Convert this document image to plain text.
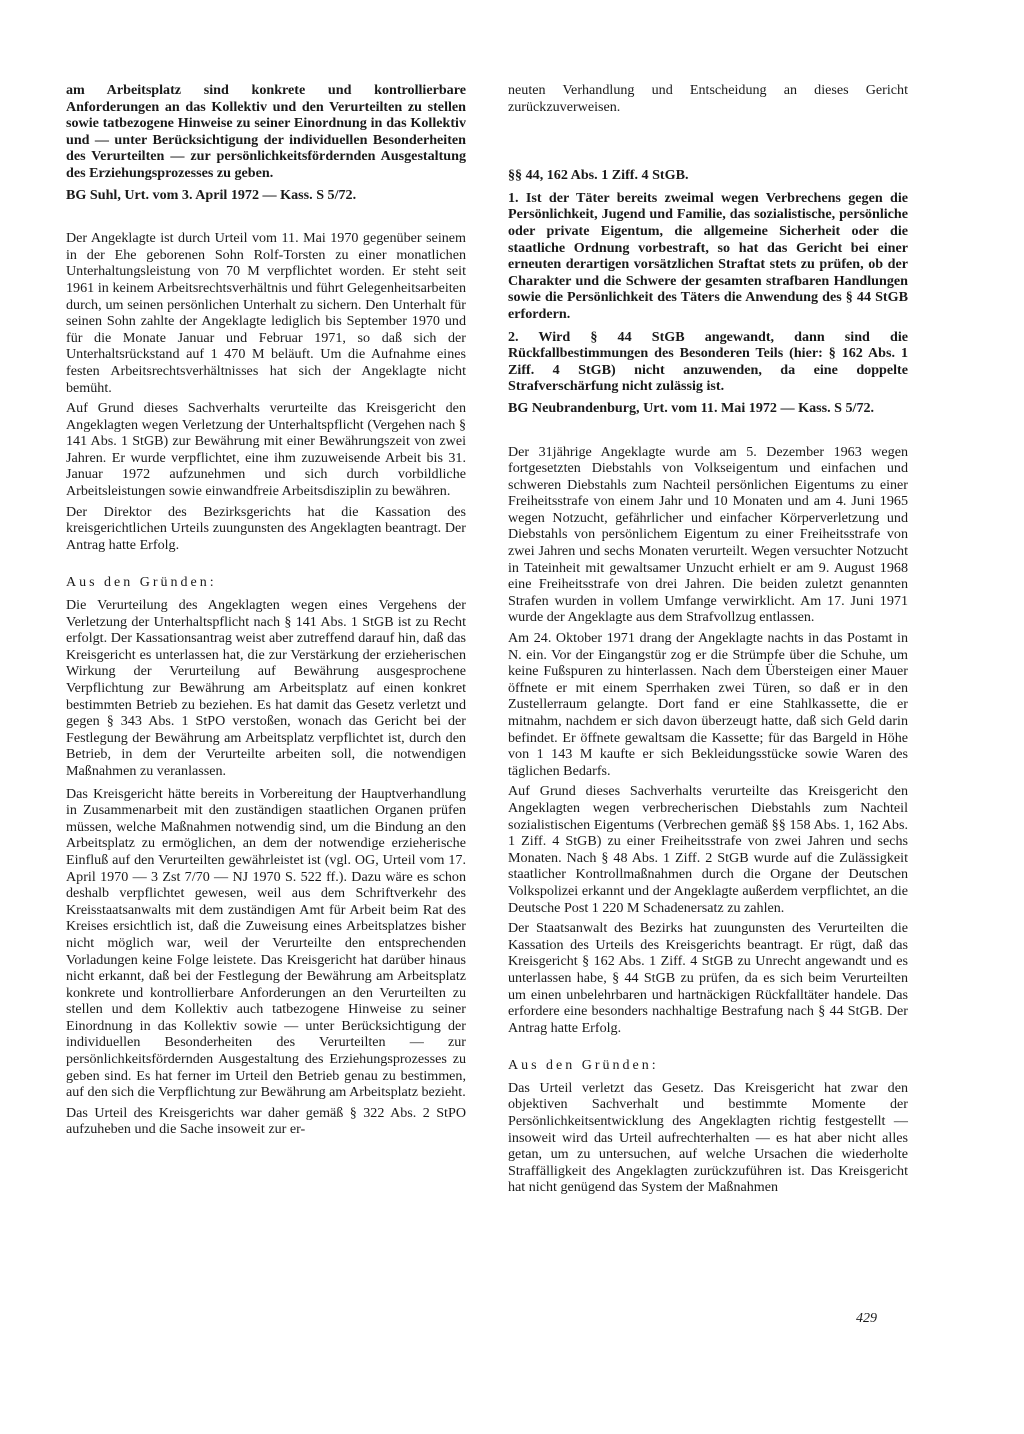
am Arbeitsplatz sind konkrete und kontrollierbare Anforderungen an das Kollektiv und den Verurteilten zu stellen sowie tatbezogene Hinweise zu seiner Einordnung in das Kollektiv und — unter Berücksichtigung der individuellen Besonderheiten des Verurteilten — zur persönlichkeitsfördernden Ausgestaltung des Erziehungsprozesses zu geben.

BG Suhl, Urt. vom 3. April 1972 — Kass. S 5/72.

Der Angeklagte ist durch Urteil vom 11. Mai 1970 gegenüber seinem in der Ehe geborenen Sohn Rolf-Torsten zu einer monatlichen Unterhaltungsleistung von 70 M verpflichtet worden. Er steht seit 1961 in keinem Arbeitsrechtsverhältnis und führt Gelegenheitsarbeiten durch, um seinen persönlichen Unterhalt zu sichern. Den Unterhalt für seinen Sohn zahlte der Angeklagte lediglich bis September 1970 und für die Monate Januar und Februar 1971, so daß sich der Unterhaltsrückstand auf 1 470 M beläuft. Um die Aufnahme eines festen Arbeitsrechtsverhältnisses hat sich der Angeklagte nicht bemüht.

Auf Grund dieses Sachverhalts verurteilte das Kreisgericht den Angeklagten wegen Verletzung der Unterhaltspflicht (Vergehen nach § 141 Abs. 1 StGB) zur Bewährung mit einer Bewährungszeit von zwei Jahren. Er wurde verpflichtet, eine ihm zuzuweisende Arbeit bis 31. Januar 1972 aufzunehmen und sich durch vorbildliche Arbeitsleistungen sowie einwandfreie Arbeitsdisziplin zu bewähren.

Der Direktor des Bezirksgerichts hat die Kassation des kreisgerichtlichen Urteils zuungunsten des Angeklagten beantragt. Der Antrag hatte Erfolg.

Aus den Gründen:

Die Verurteilung des Angeklagten wegen eines Vergehens der Verletzung der Unterhaltspflicht nach § 141 Abs. 1 StGB ist zu Recht erfolgt. Der Kassationsantrag weist aber zutreffend darauf hin, daß das Kreisgericht es unterlassen hat, die zur Verstärkung der erzieherischen Wirkung der Verurteilung auf Bewährung ausgesprochene Verpflichtung zur Bewährung am Arbeitsplatz auf einen konkret bestimmten Betrieb zu beziehen. Es hat damit das Gesetz verletzt und gegen § 343 Abs. 1 StPO verstoßen, wonach das Gericht bei der Festlegung der Bewährung am Arbeitsplatz verpflichtet ist, durch den Betrieb, in dem der Verurteilte arbeiten soll, die notwendigen Maßnahmen zu veranlassen.

Das Kreisgericht hätte bereits in Vorbereitung der Hauptverhandlung in Zusammenarbeit mit den zuständigen staatlichen Organen prüfen müssen, welche Maßnahmen notwendig sind, um die Bindung an den Arbeitsplatz zu ermöglichen, an dem der notwendige erzieherische Einfluß auf den Verurteilten gewährleistet ist (vgl. OG, Urteil vom 17. April 1970 — 3 Zst 7/70 — NJ 1970 S. 522 ff.). Dazu wäre es schon deshalb verpflichtet gewesen, weil aus dem Schriftverkehr des Kreisstaatsanwalts mit dem zuständigen Amt für Arbeit beim Rat des Kreises ersichtlich ist, daß die Zuweisung eines Arbeitsplatzes bisher nicht möglich war, weil der Verurteilte den entsprechenden Vorladungen keine Folge leistete. Das Kreisgericht hat darüber hinaus nicht erkannt, daß bei der Festlegung der Bewährung am Arbeitsplatz konkrete und kontrollierbare Anforderungen an den Verurteilten zu stellen und dem Kollektiv auch tatbezogene Hinweise zu seiner Einordnung in das Kollektiv sowie — unter Berücksichtigung der individuellen Besonderheiten des Verurteilten — zur persönlichkeitsfördernden Ausgestaltung des Erziehungsprozesses zu geben sind. Es hat ferner im Urteil den Betrieb genau zu bestimmen, auf den sich die Verpflichtung zur Bewährung am Arbeitsplatz bezieht.

Das Urteil des Kreisgerichts war daher gemäß § 322 Abs. 2 StPO aufzuheben und die Sache insoweit zur er-

neuten Verhandlung und Entscheidung an dieses Gericht zurückzuverweisen.

§§ 44, 162 Abs. 1 Ziff. 4 StGB.

1. Ist der Täter bereits zweimal wegen Verbrechens gegen die Persönlichkeit, Jugend und Familie, das sozialistische, persönliche oder private Eigentum, die allgemeine Sicherheit oder die staatliche Ordnung vorbestraft, so hat das Gericht bei einer erneuten derartigen vorsätzlichen Straftat stets zu prüfen, ob der Charakter und die Schwere der gesamten strafbaren Handlungen sowie die Persönlichkeit des Täters die Anwendung des § 44 StGB erfordern.

2. Wird § 44 StGB angewandt, dann sind die Rückfallbestimmungen des Besonderen Teils (hier: § 162 Abs. 1 Ziff. 4 StGB) nicht anzuwenden, da eine doppelte Strafverschärfung nicht zulässig ist.

BG Neubrandenburg, Urt. vom 11. Mai 1972 — Kass. S 5/72.

Der 31jährige Angeklagte wurde am 5. Dezember 1963 wegen fortgesetzten Diebstahls von Volkseigentum und einfachen und schweren Diebstahls zum Nachteil persönlichen Eigentums zu einer Freiheitsstrafe von einem Jahr und 10 Monaten und am 4. Juni 1965 wegen Notzucht, gefährlicher und einfacher Körperverletzung und Diebstahls von persönlichem Eigentum zu einer Freiheitsstrafe von zwei Jahren und sechs Monaten verurteilt. Wegen versuchter Notzucht in Tateinheit mit gewaltsamer Unzucht erhielt er am 9. August 1968 eine Freiheitsstrafe von drei Jahren. Die beiden zuletzt genannten Strafen wurden in vollem Umfange verwirklicht. Am 17. Juni 1971 wurde der Angeklagte aus dem Strafvollzug entlassen.

Am 24. Oktober 1971 drang der Angeklagte nachts in das Postamt in N. ein. Vor der Eingangstür zog er die Strümpfe über die Schuhe, um keine Fußspuren zu hinterlassen. Nach dem Übersteigen einer Mauer öffnete er mit einem Sperrhaken zwei Türen, so daß er in den Zustellerraum gelangte. Dort fand er eine Stahlkassette, die er mitnahm, nachdem er sich davon überzeugt hatte, daß sich Geld darin befindet. Er öffnete gewaltsam die Kassette; für das Bargeld in Höhe von 1 143 M kaufte er sich Bekleidungsstücke sowie Waren des täglichen Bedarfs.

Auf Grund dieses Sachverhalts verurteilte das Kreisgericht den Angeklagten wegen verbrecherischen Diebstahls zum Nachteil sozialistischen Eigentums (Verbrechen gemäß §§ 158 Abs. 1, 162 Abs. 1 Ziff. 4 StGB) zu einer Freiheitsstrafe von zwei Jahren und sechs Monaten. Nach § 48 Abs. 1 Ziff. 2 StGB wurde auf die Zulässigkeit staatlicher Kontrollmaßnahmen durch die Organe der Deutschen Volkspolizei erkannt und der Angeklagte außerdem verpflichtet, an die Deutsche Post 1 220 M Schadenersatz zu zahlen.

Der Staatsanwalt des Bezirks hat zuungunsten des Verurteilten die Kassation des Urteils des Kreisgerichts beantragt. Er rügt, daß das Kreisgericht § 162 Abs. 1 Ziff. 4 StGB zu Unrecht angewandt und es unterlassen habe, § 44 StGB zu prüfen, da es sich beim Verurteilten um einen unbelehrbaren und hartnäckigen Rückfalltäter handele. Das erfordere eine besonders nachhaltige Bestrafung nach § 44 StGB. Der Antrag hatte Erfolg.

Aus den Gründen:

Das Urteil verletzt das Gesetz. Das Kreisgericht hat zwar den objektiven Sachverhalt und bestimmte Momente der Persönlichkeitsentwicklung des Angeklagten richtig festgestellt — insoweit wird das Urteil aufrechterhalten — es hat aber nicht alles getan, um zu untersuchen, auf welche Ursachen die wiederholte Straffälligkeit des Angeklagten zurückzuführen ist. Das Kreisgericht hat nicht genügend das System der Maßnahmen

429
